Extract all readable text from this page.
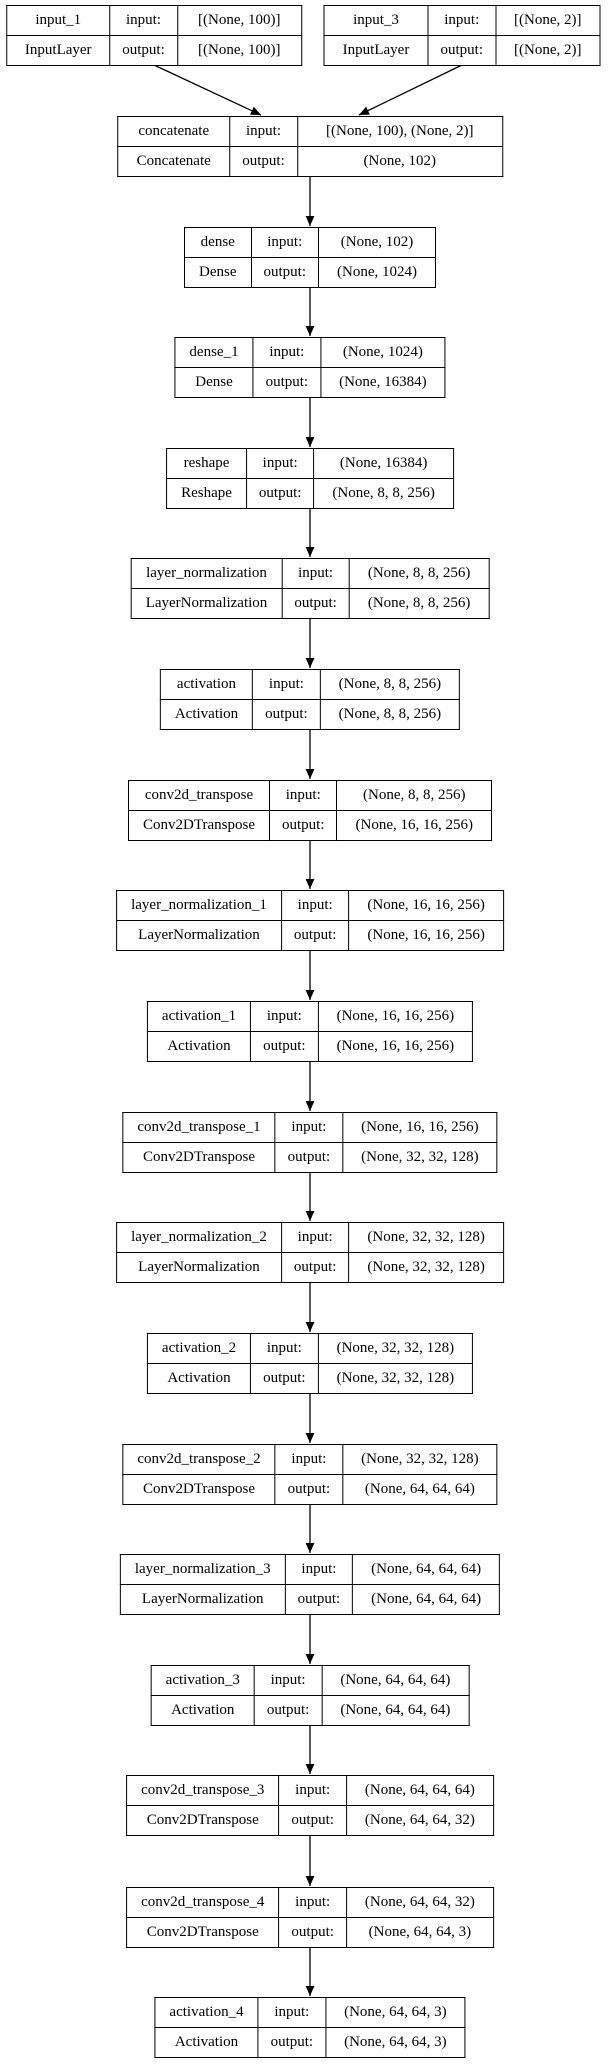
input_1	input:	[(None, 100)]
InputLayer	output:	[(None, 100)]
input_3	input:	[(None, 2)]
InputLayer	output:	[(None, 2)]
concatenate	input:	[(None, 100), (None, 2)]
Concatenate	output:	(None, 102)
dense	input:	(None, 102)
Dense	output:	(None, 1024)
dense_1	input:	(None, 1024)
Dense	output:	(None, 16384)
reshape	input:	(None, 16384)
Reshape	output:	(None, 8, 8, 256)
layer_normalization	input:	(None, 8, 8, 256)
LayerNormalization	output:	(None, 8, 8, 256)
activation	input:	(None, 8, 8, 256)
Activation	output:	(None, 8, 8, 256)
conv2d_transpose	input:	(None, 8, 8, 256)
Conv2DTranspose	output:	(None, 16, 16, 256)
layer_normalization_1	input:	(None, 16, 16, 256)
LayerNormalization	output:	(None, 16, 16, 256)
activation_1	input:	(None, 16, 16, 256)
Activation	output:	(None, 16, 16, 256)
conv2d_transpose_1	input:	(None, 16, 16, 256)
Conv2DTranspose	output:	(None, 32, 32, 128)
layer_normalization_2	input:	(None, 32, 32, 128)
LayerNormalization	output:	(None, 32, 32, 128)
activation_2	input:	(None, 32, 32, 128)
Activation	output:	(None, 32, 32, 128)
conv2d_transpose_2	input:	(None, 32, 32, 128)
Conv2DTranspose	output:	(None, 64, 64, 64)
layer_normalization_3	input:	(None, 64, 64, 64)
LayerNormalization	output:	(None, 64, 64, 64)
activation_3	input:	(None, 64, 64, 64)
Activation	output:	(None, 64, 64, 64)
conv2d_transpose_3	input:	(None, 64, 64, 64)
Conv2DTranspose	output:	(None, 64, 64, 32)
conv2d_transpose_4	input:	(None, 64, 64, 32)
Conv2DTranspose	output:	(None, 64, 64, 3)
activation_4	input:	(None, 64, 64, 3)
Activation	output:	(None, 64, 64, 3)
